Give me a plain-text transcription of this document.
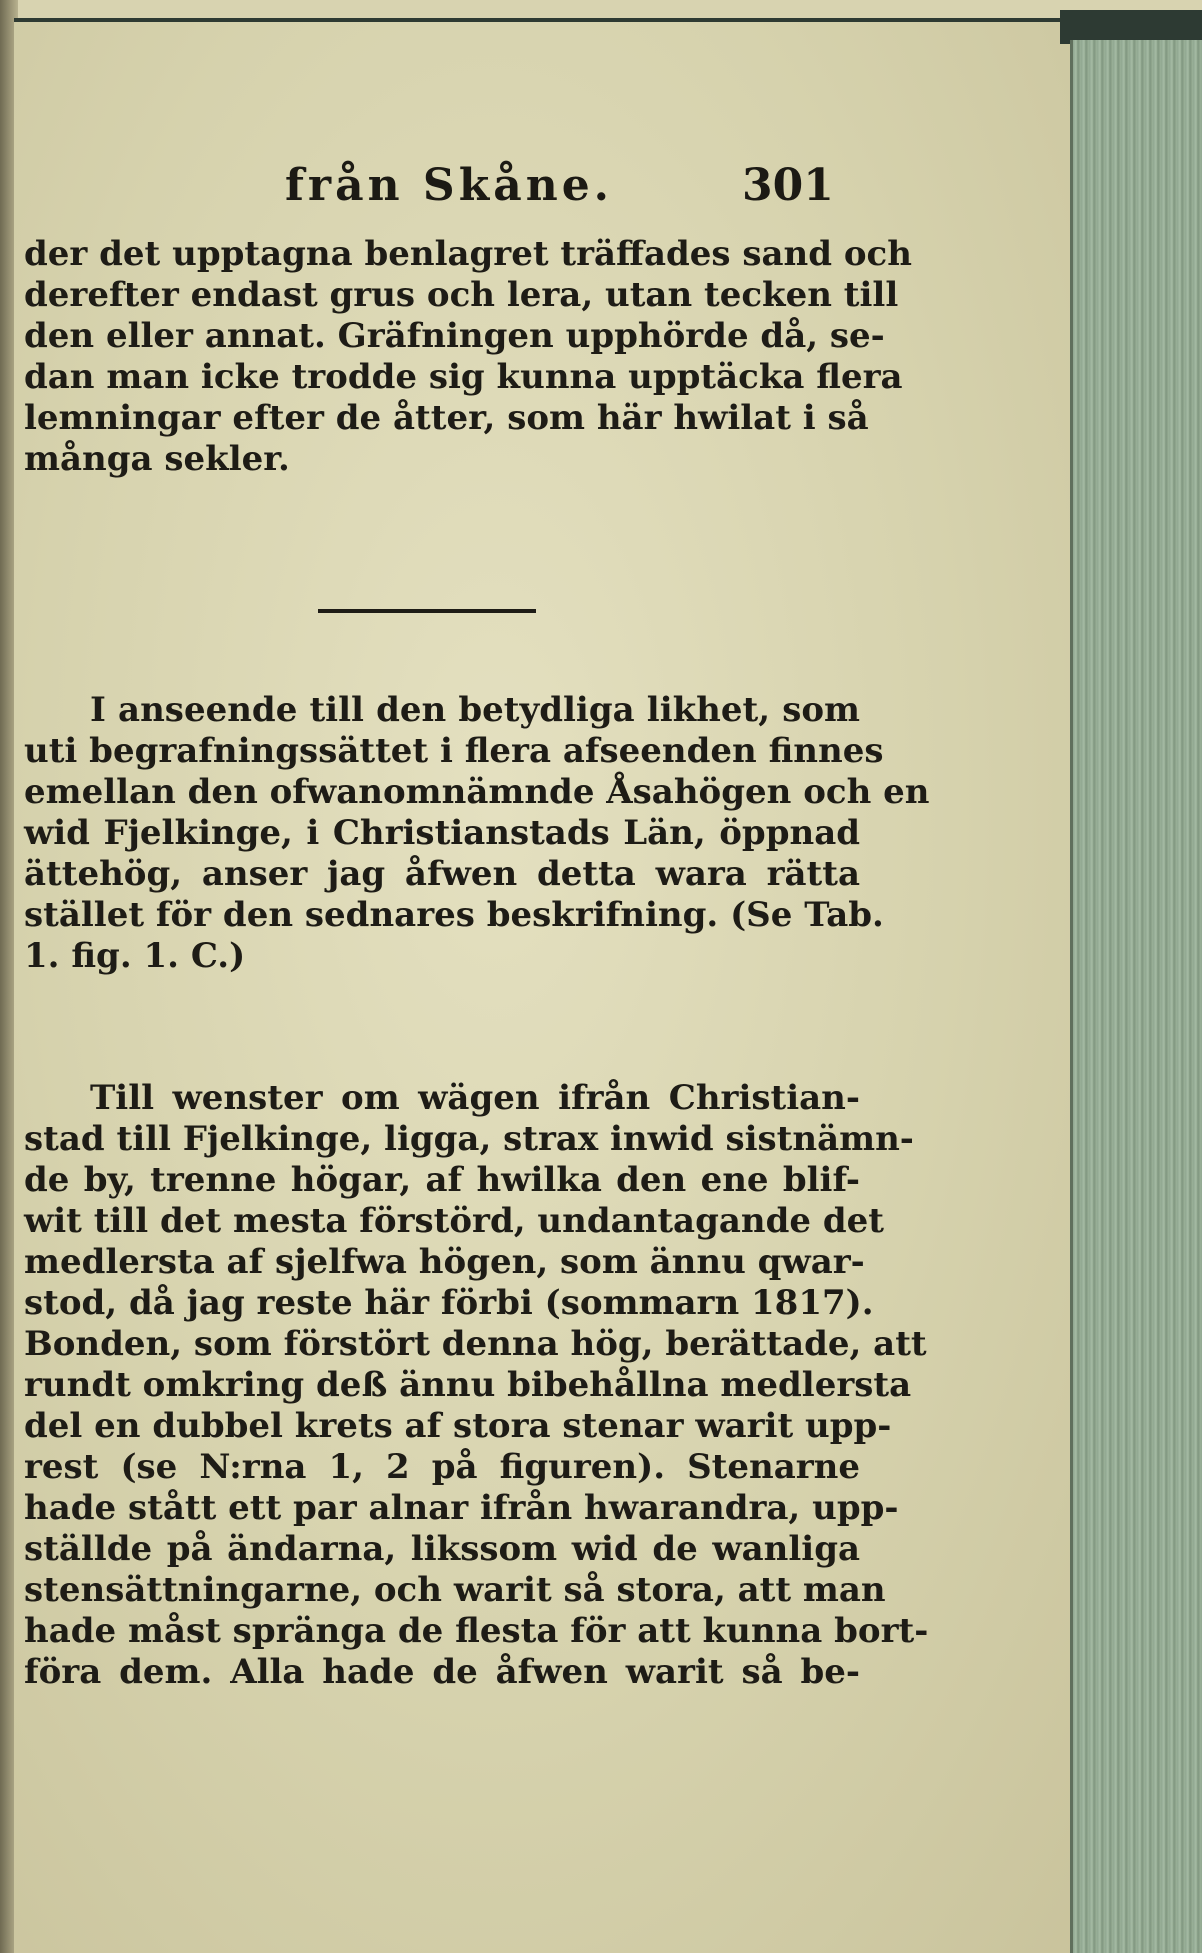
från Skåne.	301
der det upptagna benlagret träffades sand och
derefter endast grus och lera, utan tecken till
den eller annat. Gräfningen upphörde då, se-
dan man icke trodde sig kunna upptäcka flera
lemningar efter de åtter, som här hwilat i så
många sekler.
I anseende till den betydliga likhet, som
uti begrafningssättet i flera afseenden finnes
emellan den ofwanomnämnde Åsahögen och en
wid Fjelkinge, i Christianstads Län, öppnad
ättehög, anser jag åfwen detta wara rätta
stället för den sednares beskrifning. (Se Tab.
1. fig. 1. C.)
Till wenster om wägen ifrån Christian-
stad till Fjelkinge, ligga, strax inwid sistnämn-
de by, trenne högar, af hwilka den ene blif-
wit till det mesta förstörd, undantagande det
medlersta af sjelfwa högen, som ännu qwar-
stod, då jag reste här förbi (sommarn 1817).
Bonden, som förstört denna hög, berättade, att
rundt omkring deß ännu bibehållna medlersta
del en dubbel krets af stora stenar warit upp-
rest (se N:rna 1, 2 på figuren). Stenarne
hade stått ett par alnar ifrån hwarandra, upp-
ställde på ändarna, likssom wid de wanliga
stensättningarne, och warit så stora, att man
hade måst spränga de flesta för att kunna bort-
föra dem. Alla hade de åfwen warit så be-
